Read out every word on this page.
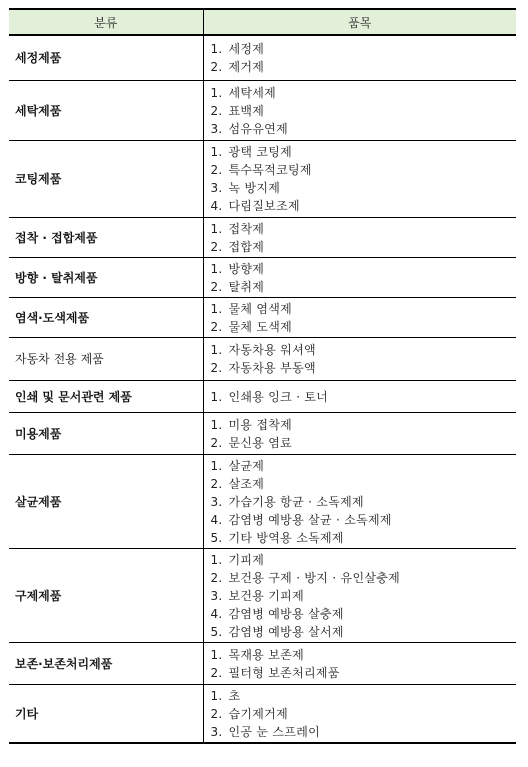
분류	품목
세정제품	1. 세정제
2. 제거제

세탁제품	1. 세탁세제
2. 표백제
3. 섬유유연제

코팅제품	1. 광택 코팅제
2. 특수목적코팅제
3. 녹 방지제
4. 다림질보조제

접착 · 접합제품	1. 접착제
2. 접합제

방향 · 탈취제품	1. 방향제
2. 탈취제

염색·도색제품	1. 물체 염색제
2. 물체 도색제

자동차 전용 제품	1. 자동차용 워셔액
2. 자동차용 부동액

인쇄 및 문서관련 제품	1. 인쇄용 잉크 · 토너

미용제품	1. 미용 접착제
2. 문신용 염료

살균제품	1. 살균제
2. 살조제
3. 가습기용 항균 · 소독제제
4. 감염병 예방용 살균 · 소독제제
5. 기타 방역용 소독제제

구제제품	1. 기피제
2. 보건용 구제 · 방지 · 유인살충제
3. 보건용 기피제
4. 감염병 예방용 살충제
5. 감염병 예방용 살서제

보존·보존처리제품	1. 목재용 보존제
2. 필터형 보존처리제품

기타	1. 초
2. 습기제거제
3. 인공 눈 스프레이
